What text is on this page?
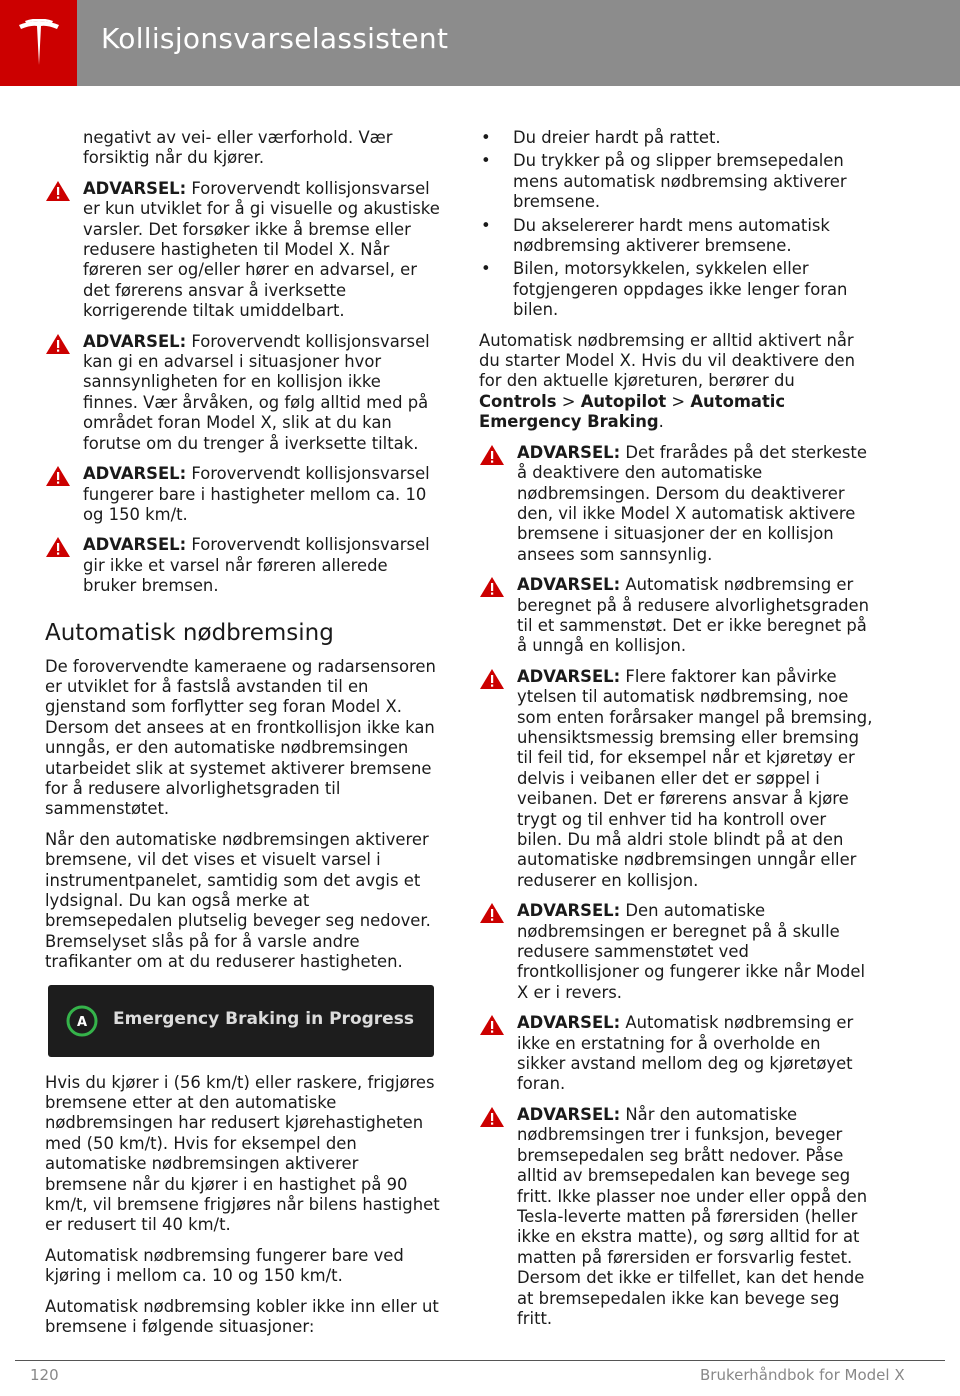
Kollisjonsvarselassistent

negativt av vei- eller værforhold. Vær forsiktig når du kjører.

ADVARSEL: Forovervendt kollisjonsvarsel er kun utviklet for å gi visuelle og akustiske varsler. Det forsøker ikke å bremse eller redusere hastigheten til Model X. Når føreren ser og/eller hører en advarsel, er det førerens ansvar å iverksette korrigerende tiltak umiddelbart.
ADVARSEL: Forovervendt kollisjonsvarsel kan gi en advarsel i situasjoner hvor sannsynligheten for en kollisjon ikke finnes. Vær årvåken, og følg alltid med på området foran Model X, slik at du kan forutse om du trenger å iverksette tiltak.
ADVARSEL: Forovervendt kollisjonsvarsel fungerer bare i hastigheter mellom ca. 10 og 150 km/t.
ADVARSEL: Forovervendt kollisjonsvarsel gir ikke et varsel når føreren allerede bruker bremsen.
Automatisk nødbremsing

De forovervendte kameraene og radarsensoren er utviklet for å fastslå avstanden til en gjenstand som forflytter seg foran Model X. Dersom det ansees at en frontkollisjon ikke kan unngås, er den automatiske nødbremsingen utarbeidet slik at systemet aktiverer bremsene for å redusere alvorlighetsgraden til sammenstøtet.

Når den automatiske nødbremsingen aktiverer bremsene, vil det vises et visuelt varsel i instrumentpanelet, samtidig som det avgis et lydsignal. Du kan også merke at bremsepedalen plutselig beveger seg nedover. Bremselyset slås på for å varsle andre trafikanter om at du reduserer hastigheten.

A Emergency Braking in Progress

Hvis du kjører i (56 km/t) eller raskere, frigjøres bremsene etter at den automatiske nødbremsingen har redusert kjørehastigheten med (50 km/t). Hvis for eksempel den automatiske nødbremsingen aktiverer bremsene når du kjører i en hastighet på 90 km/t, vil bremsene frigjøres når bilens hastighet er redusert til 40 km/t.

Automatisk nødbremsing fungerer bare ved kjøring i mellom ca. 10 og 150 km/t.

Automatisk nødbremsing kobler ikke inn eller ut bremsene i følgende situasjoner:

• Du dreier hardt på rattet.
• Du trykker på og slipper bremsepedalen mens automatisk nødbremsing aktiverer bremsene.
• Du akselererer hardt mens automatisk nødbremsing aktiverer bremsene.
• Bilen, motorsykkelen, sykkelen eller fotgjengeren oppdages ikke lenger foran bilen.

Automatisk nødbremsing er alltid aktivert når du starter Model X. Hvis du vil deaktivere den for den aktuelle kjøreturen, berører du Controls > Autopilot > Automatic Emergency Braking.

ADVARSEL: Det frarådes på det sterkeste å deaktivere den automatiske nødbremsingen. Dersom du deaktiverer den, vil ikke Model X automatisk aktivere bremsene i situasjoner der en kollisjon ansees som sannsynlig.
ADVARSEL: Automatisk nødbremsing er beregnet på å redusere alvorlighetsgraden til et sammenstøt. Det er ikke beregnet på å unngå en kollisjon.
ADVARSEL: Flere faktorer kan påvirke ytelsen til automatisk nødbremsing, noe som enten forårsaker mangel på bremsing, uhensiktsmessig bremsing eller bremsing til feil tid, for eksempel når et kjøretøy er delvis i veibanen eller det er søppel i veibanen. Det er førerens ansvar å kjøre trygt og til enhver tid ha kontroll over bilen. Du må aldri stole blindt på at den automatiske nødbremsingen unngår eller reduserer en kollisjon.
ADVARSEL: Den automatiske nødbremsingen er beregnet på å skulle redusere sammenstøtet ved frontkollisjoner og fungerer ikke når Model X er i revers.
ADVARSEL: Automatisk nødbremsing er ikke en erstatning for å overholde en sikker avstand mellom deg og kjøretøyet foran.
ADVARSEL: Når den automatiske nødbremsingen trer i funksjon, beveger bremsepedalen seg brått nedover. Påse alltid av bremsepedalen kan bevege seg fritt. Ikke plasser noe under eller oppå den Tesla-leverte matten på førersiden (heller ikke en ekstra matte), og sørg alltid for at matten på førersiden er forsvarlig festet. Dersom det ikke er tilfellet, kan det hende at bremsepedalen ikke kan bevege seg fritt.
120	Brukerhåndbok for Model X
